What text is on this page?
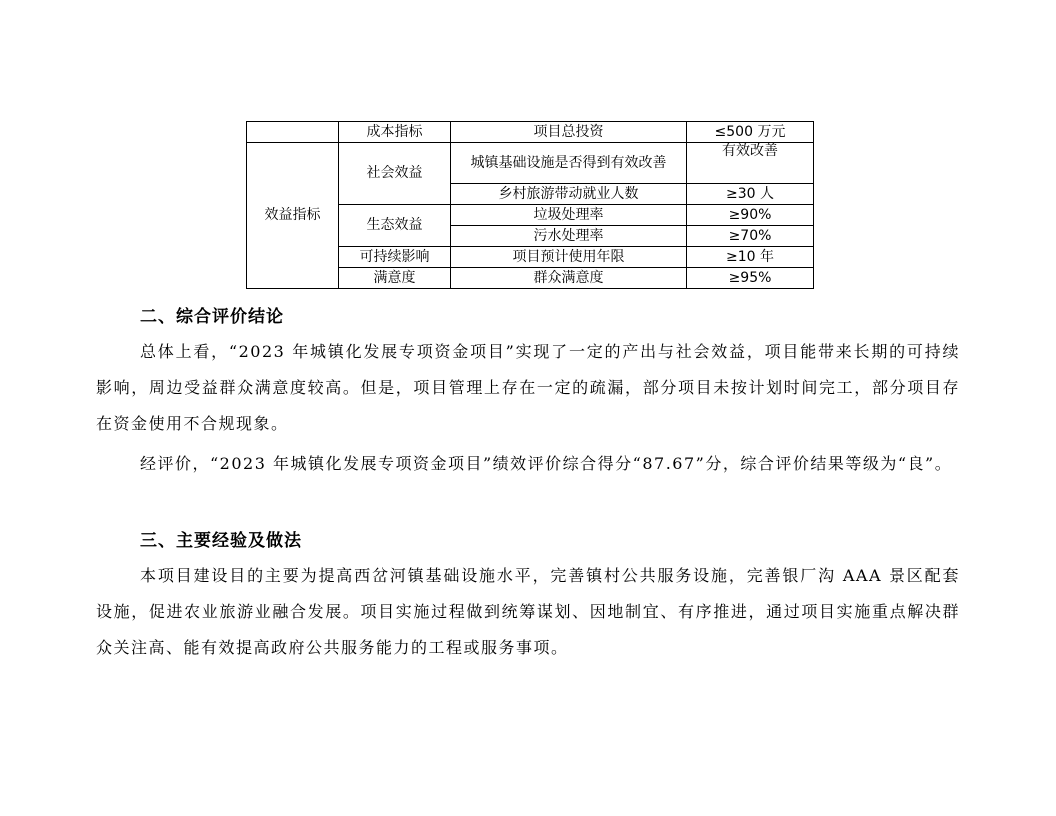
	成本指标	项目总投资	≤500 万元
效益指标	社会效益	城镇基础设施是否得到有效改善	有效改善
		乡村旅游带动就业人数	≥30 人
	生态效益	垃圾处理率	≥90%
		污水处理率	≥70%
	可持续影响	项目预计使用年限	≥10 年
	满意度	群众满意度	≥95%
二、综合评价结论

总体上看，“2023 年城镇化发展专项资金项目”实现了一定的产出与社会效益，项目能带来长期的可持续影响，周边受益群众满意度较高。但是，项目管理上存在一定的疏漏，部分项目未按计划时间完工，部分项目存在资金使用不合规现象。

经评价，“2023 年城镇化发展专项资金项目”绩效评价综合得分“87.67”分，综合评价结果等级为“良”。

三、主要经验及做法

本项目建设目的主要为提高西岔河镇基础设施水平，完善镇村公共服务设施，完善银厂沟 AAA 景区配套设施，促进农业旅游业融合发展。项目实施过程做到统筹谋划、因地制宜、有序推进，通过项目实施重点解决群众关注高、能有效提高政府公共服务能力的工程或服务事项。
